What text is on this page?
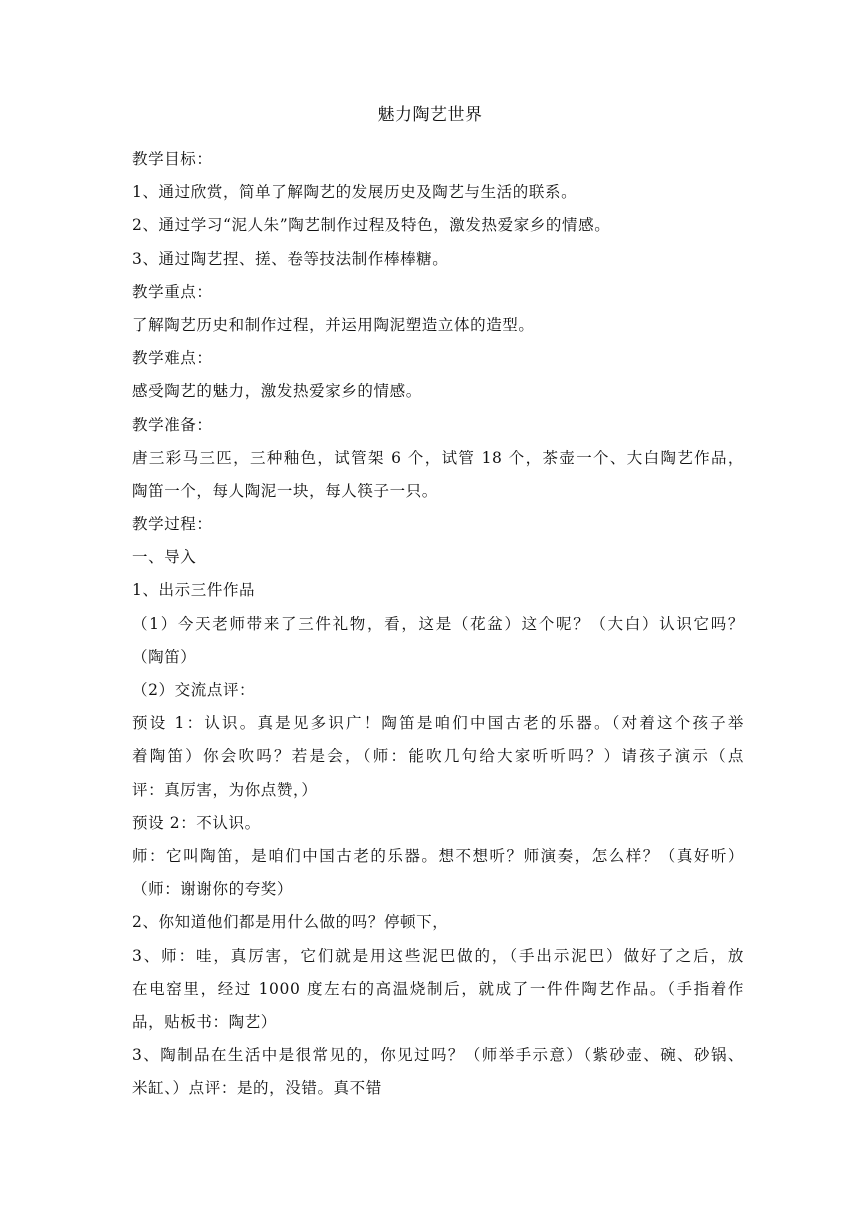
魅力陶艺世界
教学目标：
1、通过欣赏，简单了解陶艺的发展历史及陶艺与生活的联系。
2、通过学习“泥人朱”陶艺制作过程及特色，激发热爱家乡的情感。
3、通过陶艺捏、搓、卷等技法制作棒棒糖。
教学重点：
了解陶艺历史和制作过程，并运用陶泥塑造立体的造型。
教学难点：
感受陶艺的魅力，激发热爱家乡的情感。
教学准备：
唐三彩马三匹，三种釉色，试管架 6 个，试管 18 个，茶壶一个、大白陶艺作品，
陶笛一个，每人陶泥一块，每人筷子一只。
教学过程：
一、导入
1、出示三件作品
（1）今天老师带来了三件礼物，看，这是（花盆）这个呢？（大白）认识它吗？
（陶笛）
（2）交流点评：
预设 1：认识。真是见多识广！陶笛是咱们中国古老的乐器。（对着这个孩子举
着陶笛）你会吹吗？若是会，（师：能吹几句给大家听听吗？）请孩子演示（点
评：真厉害，为你点赞，）
预设 2：不认识。
师：它叫陶笛，是咱们中国古老的乐器。想不想听？师演奏，怎么样？（真好听）
（师：谢谢你的夸奖）
2、你知道他们都是用什么做的吗？停顿下，
3、师：哇，真厉害，它们就是用这些泥巴做的，（手出示泥巴）做好了之后，放
在电窑里，经过 1000 度左右的高温烧制后，就成了一件件陶艺作品。（手指着作
品，贴板书：陶艺）
3、陶制品在生活中是很常见的，你见过吗？（师举手示意）（紫砂壶、碗、砂锅、
米缸、）点评：是的，没错。真不错
